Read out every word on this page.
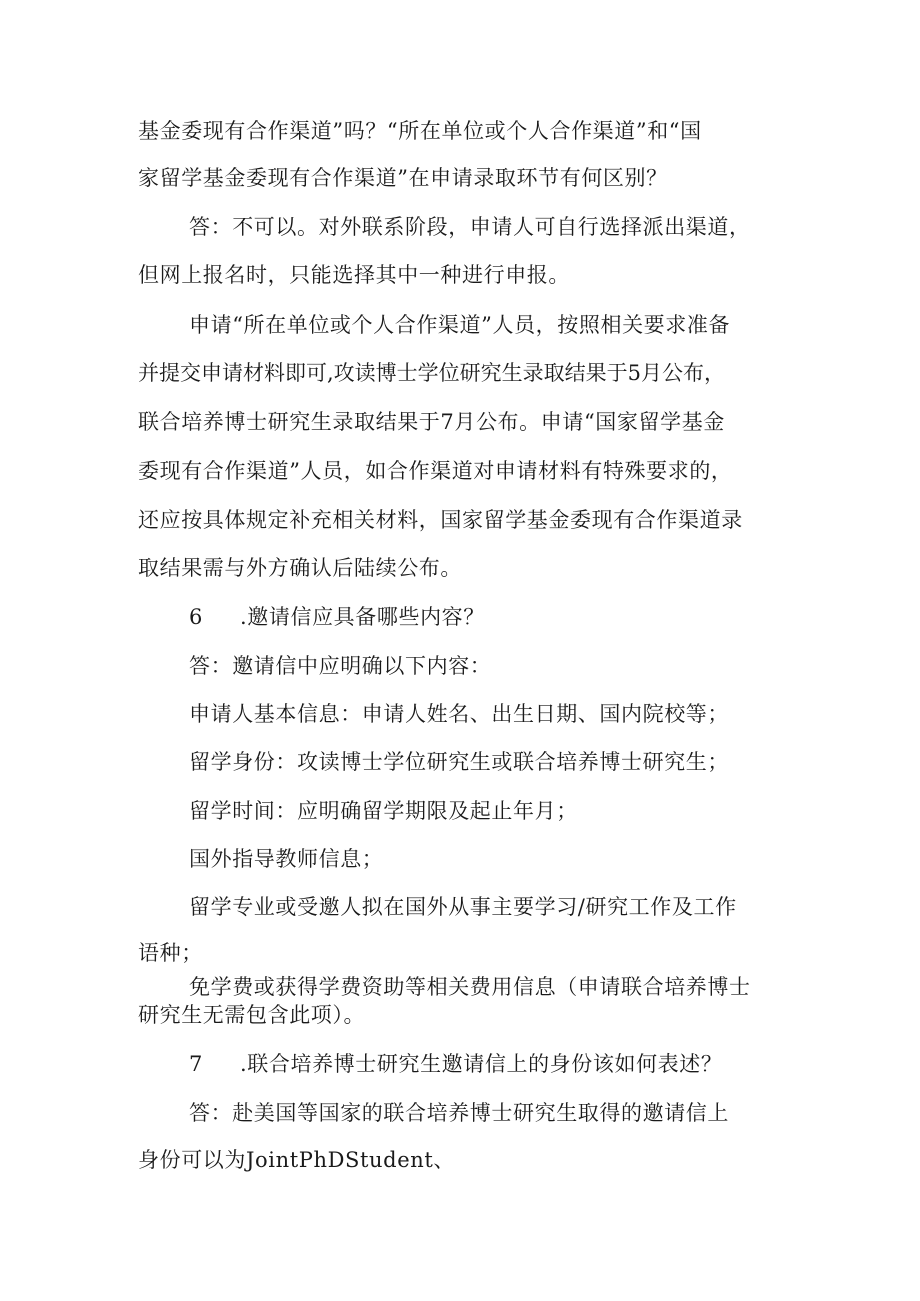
基金委现有合作渠道”吗？“所在单位或个人合作渠道”和“国

家留学基金委现有合作渠道”在申请录取环节有何区别？

答：不可以。对外联系阶段，申请人可自行选择派出渠道，

但网上报名时，只能选择其中一种进行申报。

申请“所在单位或个人合作渠道”人员，按照相关要求准备

并提交申请材料即可,攻读博士学位研究生录取结果于5月公布，

联合培养博士研究生录取结果于7月公布。申请“国家留学基金

委现有合作渠道”人员，如合作渠道对申请材料有特殊要求的，

还应按具体规定补充相关材料，国家留学基金委现有合作渠道录

取结果需与外方确认后陆续公布。

6 .邀请信应具备哪些内容？

答：邀请信中应明确以下内容：

申请人基本信息：申请人姓名、出生日期、国内院校等；

留学身份：攻读博士学位研究生或联合培养博士研究生；

留学时间：应明确留学期限及起止年月；

国外指导教师信息；

留学专业或受邀人拟在国外从事主要学习/研究工作及工作

语种；

免学费或获得学费资助等相关费用信息（申请联合培养博士

研究生无需包含此项）。

7 .联合培养博士研究生邀请信上的身份该如何表述？

答：赴美国等国家的联合培养博士研究生取得的邀请信上

身份可以为JointPhDStudent、
